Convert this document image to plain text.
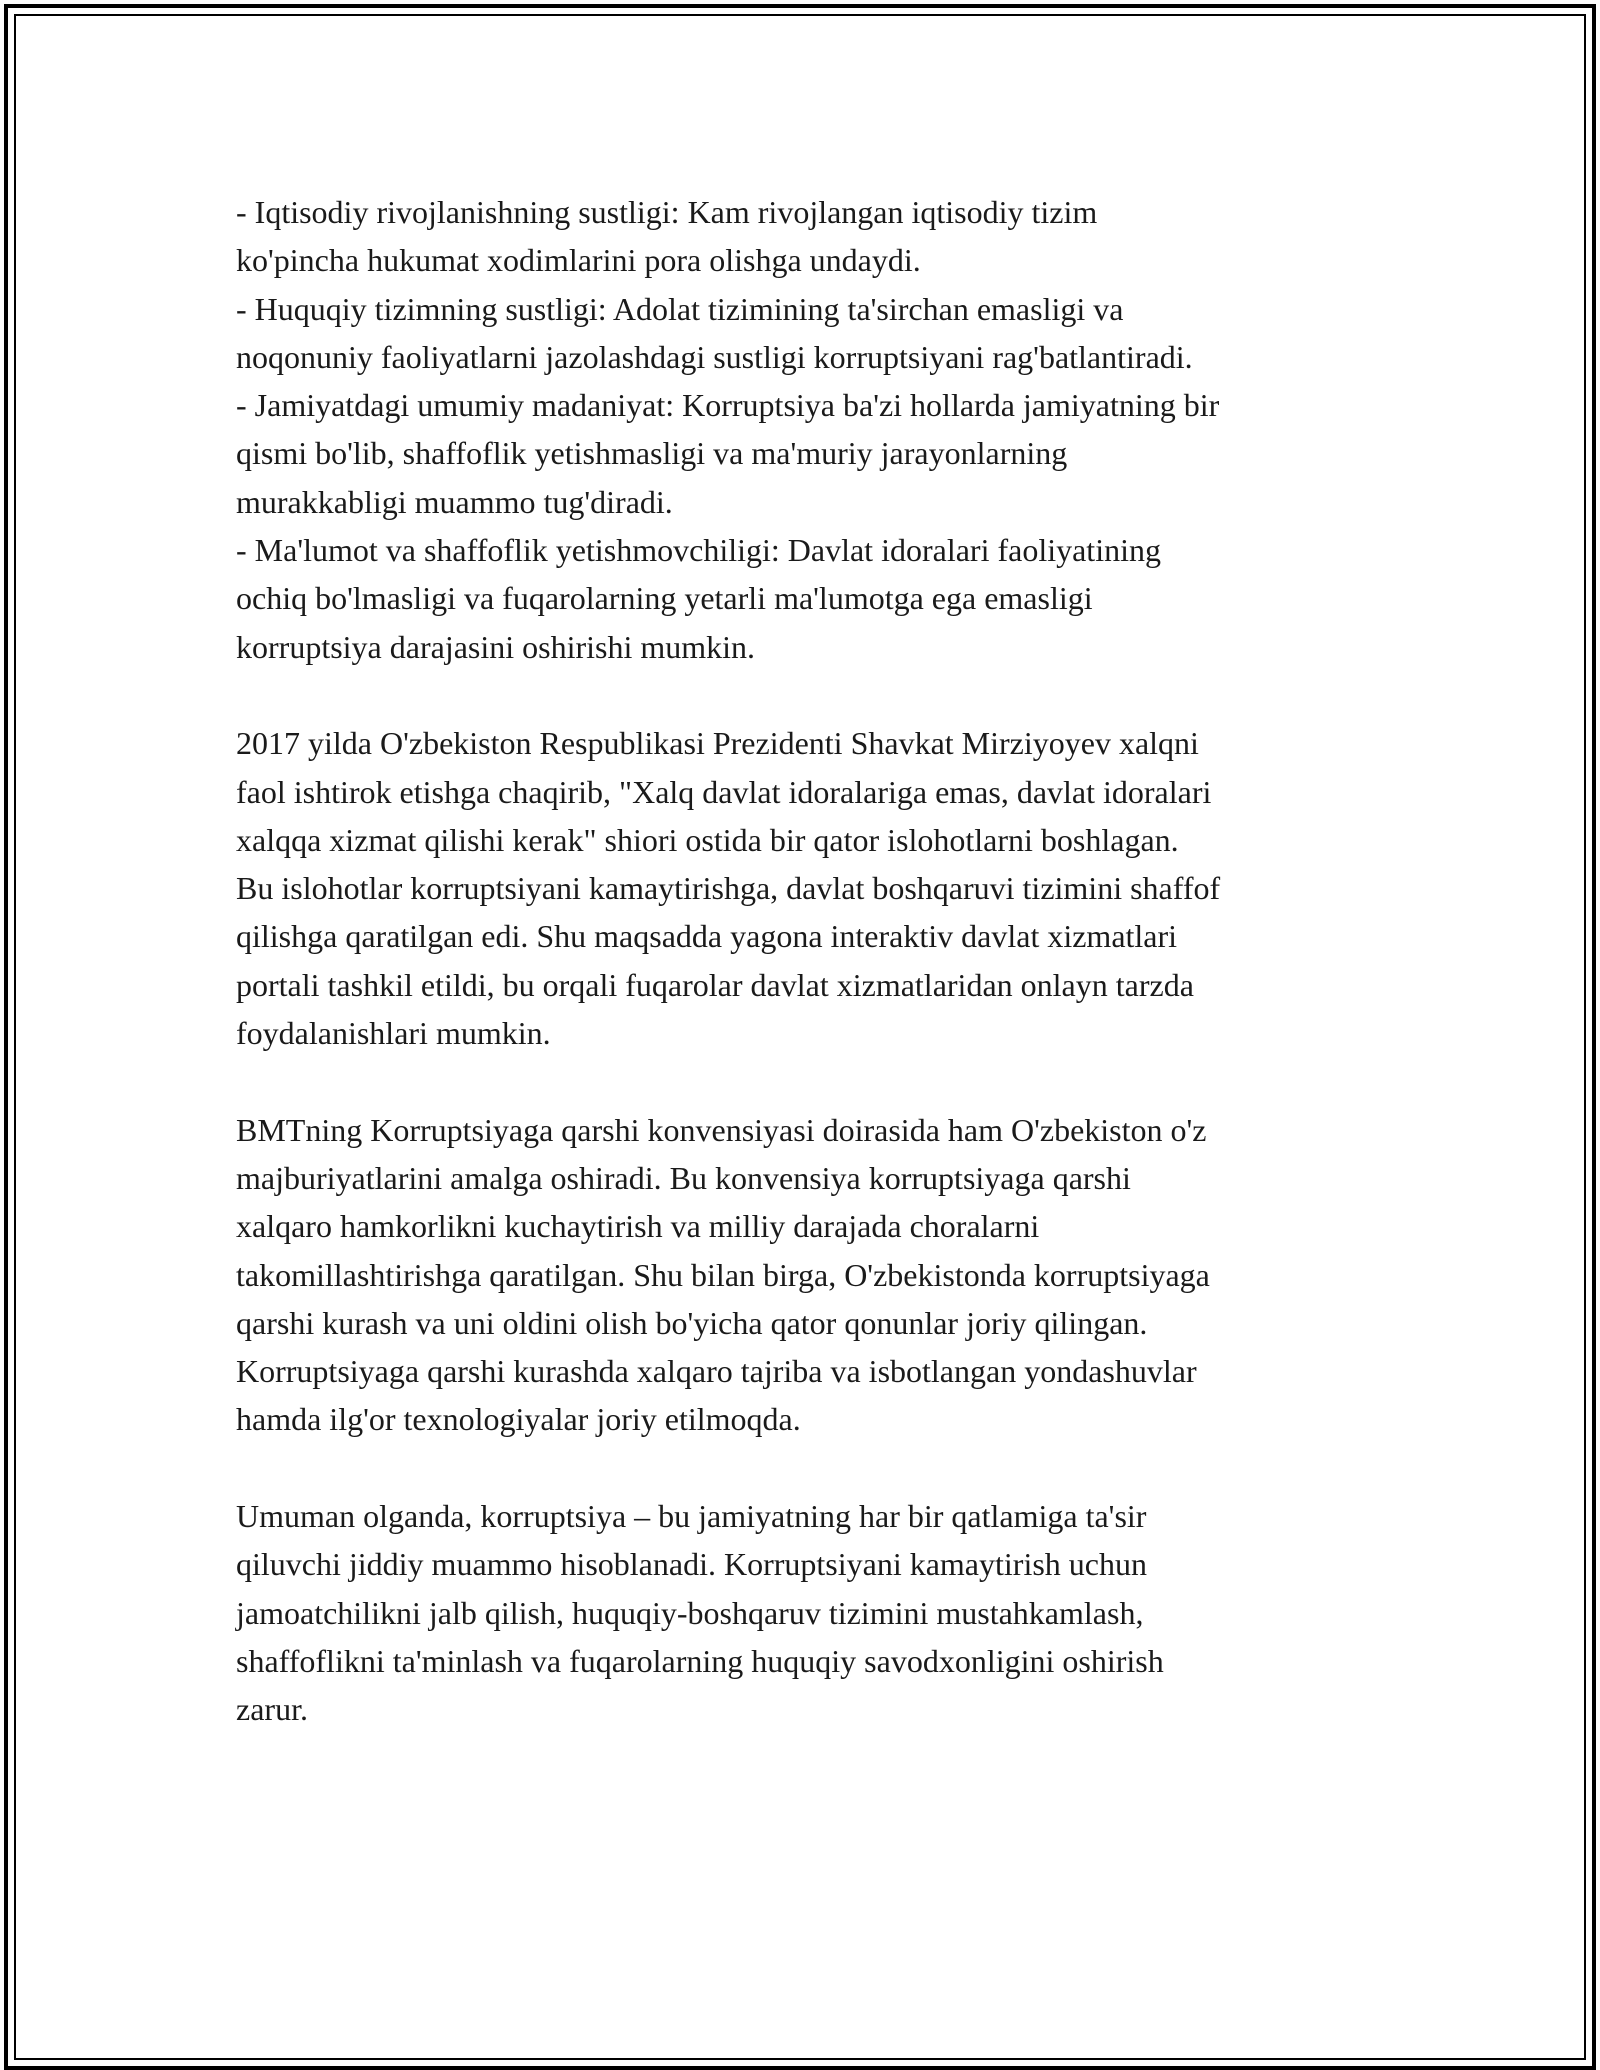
- Iqtisodiy rivojlanishning sustligi: Kam rivojlangan iqtisodiy tizim
ko'pincha hukumat xodimlarini pora olishga undaydi.
- Huquqiy tizimning sustligi: Adolat tizimining ta'sirchan emasligi va
noqonuniy faoliyatlarni jazolashdagi sustligi korruptsiyani rag'batlantiradi.
- Jamiyatdagi umumiy madaniyat: Korruptsiya ba'zi hollarda jamiyatning bir
qismi bo'lib, shaffoflik yetishmasligi va ma'muriy jarayonlarning
murakkabligi muammo tug'diradi.
- Ma'lumot va shaffoflik yetishmovchiligi: Davlat idoralari faoliyatining
ochiq bo'lmasligi va fuqarolarning yetarli ma'lumotga ega emasligi
korruptsiya darajasini oshirishi mumkin.

2017 yilda O'zbekiston Respublikasi Prezidenti Shavkat Mirziyoyev xalqni
faol ishtirok etishga chaqirib, "Xalq davlat idoralariga emas, davlat idoralari
xalqqa xizmat qilishi kerak" shiori ostida bir qator islohotlarni boshlagan.
Bu islohotlar korruptsiyani kamaytirishga, davlat boshqaruvi tizimini shaffof
qilishga qaratilgan edi. Shu maqsadda yagona interaktiv davlat xizmatlari
portali tashkil etildi, bu orqali fuqarolar davlat xizmatlaridan onlayn tarzda
foydalanishlari mumkin.

BMTning Korruptsiyaga qarshi konvensiyasi doirasida ham O'zbekiston o'z
majburiyatlarini amalga oshiradi. Bu konvensiya korruptsiyaga qarshi
xalqaro hamkorlikni kuchaytirish va milliy darajada choralarni
takomillashtirishga qaratilgan. Shu bilan birga, O'zbekistonda korruptsiyaga
qarshi kurash va uni oldini olish bo'yicha qator qonunlar joriy qilingan.
Korruptsiyaga qarshi kurashda xalqaro tajriba va isbotlangan yondashuvlar
hamda ilg'or texnologiyalar joriy etilmoqda.

Umuman olganda, korruptsiya – bu jamiyatning har bir qatlamiga ta'sir
qiluvchi jiddiy muammo hisoblanadi. Korruptsiyani kamaytirish uchun
jamoatchilikni jalb qilish, huquqiy-boshqaruv tizimini mustahkamlash,
shaffoflikni ta'minlash va fuqarolarning huquqiy savodxonligini oshirish
zarur.
